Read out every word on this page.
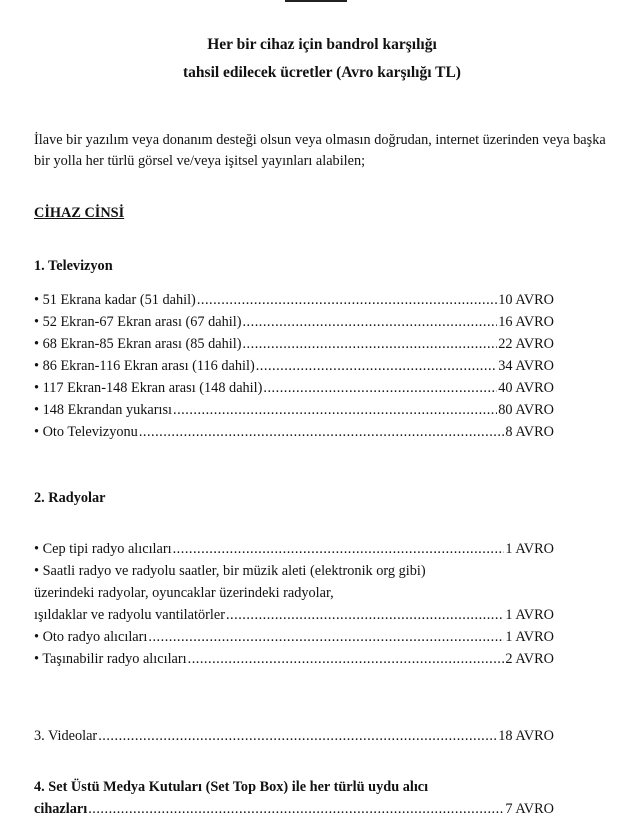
Her bir cihaz için bandrol karşılığı
tahsil edilecek ücretler (Avro karşılığı TL)
İlave bir yazılım veya donanım desteği olsun veya olmasın doğrudan, internet üzerinden veya başka bir yolla her türlü görsel ve/veya işitsel yayınları alabilen;
CİHAZ CİNSİ
1. Televizyon
• 51 Ekrana kadar (51 dahil) .....	10 AVRO
• 52 Ekran-67 Ekran arası (67 dahil) .....	16 AVRO
• 68 Ekran-85 Ekran arası (85 dahil) .....	22 AVRO
• 86 Ekran-116 Ekran arası (116 dahil) .....	34 AVRO
• 117 Ekran-148 Ekran arası (148 dahil) .....	40 AVRO
• 148 Ekrandan yukarısı .....	80 AVRO
• Oto Televizyonu .....	8 AVRO
2. Radyolar
• Cep tipi radyo alıcıları .....	1 AVRO
• Saatli radyo ve radyolu saatler, bir müzik aleti (elektronik org gibi)
üzerindeki radyolar, oyuncaklar üzerindeki radyolar,
ışıldaklar ve radyolu vantilatörler .....	1 AVRO
• Oto radyo alıcıları .....	1 AVRO
• Taşınabilir radyo alıcıları .....	2 AVRO
3. Videolar .....	18 AVRO
4. Set Üstü Medya Kutuları (Set Top Box) ile her türlü uydu alıcı
cihazları .....	7 AVRO
